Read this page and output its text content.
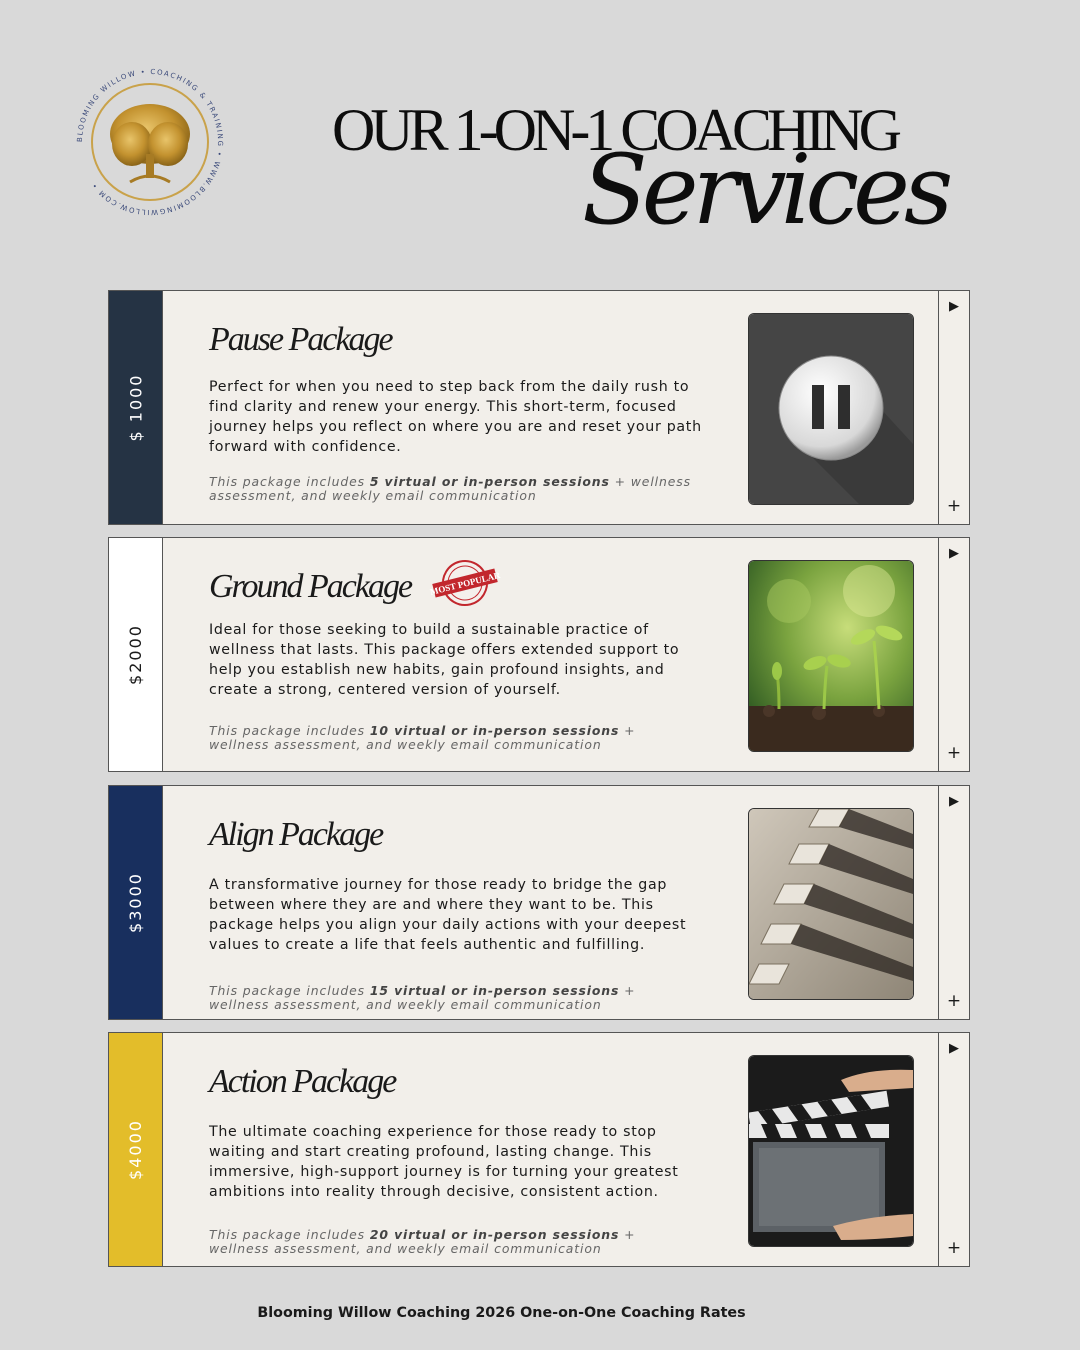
BLOOMING WILLOW • COACHING & TRAINING • WWW.BLOOMINGWILLOW.COM •
OUR 1-ON-1 COACHING
Services
$ 1000
Pause Package
Perfect for when you need to step back from the daily rush to find clarity and renew your energy. This short-term, focused journey helps you reflect on where you are and reset your path forward with confidence.
This package includes 5 virtual or in-person sessions + wellness assessment, and weekly email communication
▶
+
$2000
Ground Package MOST POPULAR
Ideal for those seeking to build a sustainable practice of wellness that lasts. This package offers extended support to help you establish new habits, gain profound insights, and create a strong, centered version of yourself.
This package includes 10 virtual or in-person sessions + wellness assessment, and weekly email communication
▶
+
$3000
Align Package
A transformative journey for those ready to bridge the gap between where they are and where they want to be. This package helps you align your daily actions with your deepest values to create a life that feels authentic and fulfilling.
This package includes 15 virtual or in-person sessions + wellness assessment, and weekly email communication
▶
+
$4000
Action Package
The ultimate coaching experience for those ready to stop waiting and start creating profound, lasting change. This immersive, high-support journey is for turning your greatest ambitions into reality through decisive, consistent action.
This package includes 20 virtual or in-person sessions + wellness assessment, and weekly email communication
▶
+
Blooming Willow Coaching 2026 One-on-One Coaching Rates
